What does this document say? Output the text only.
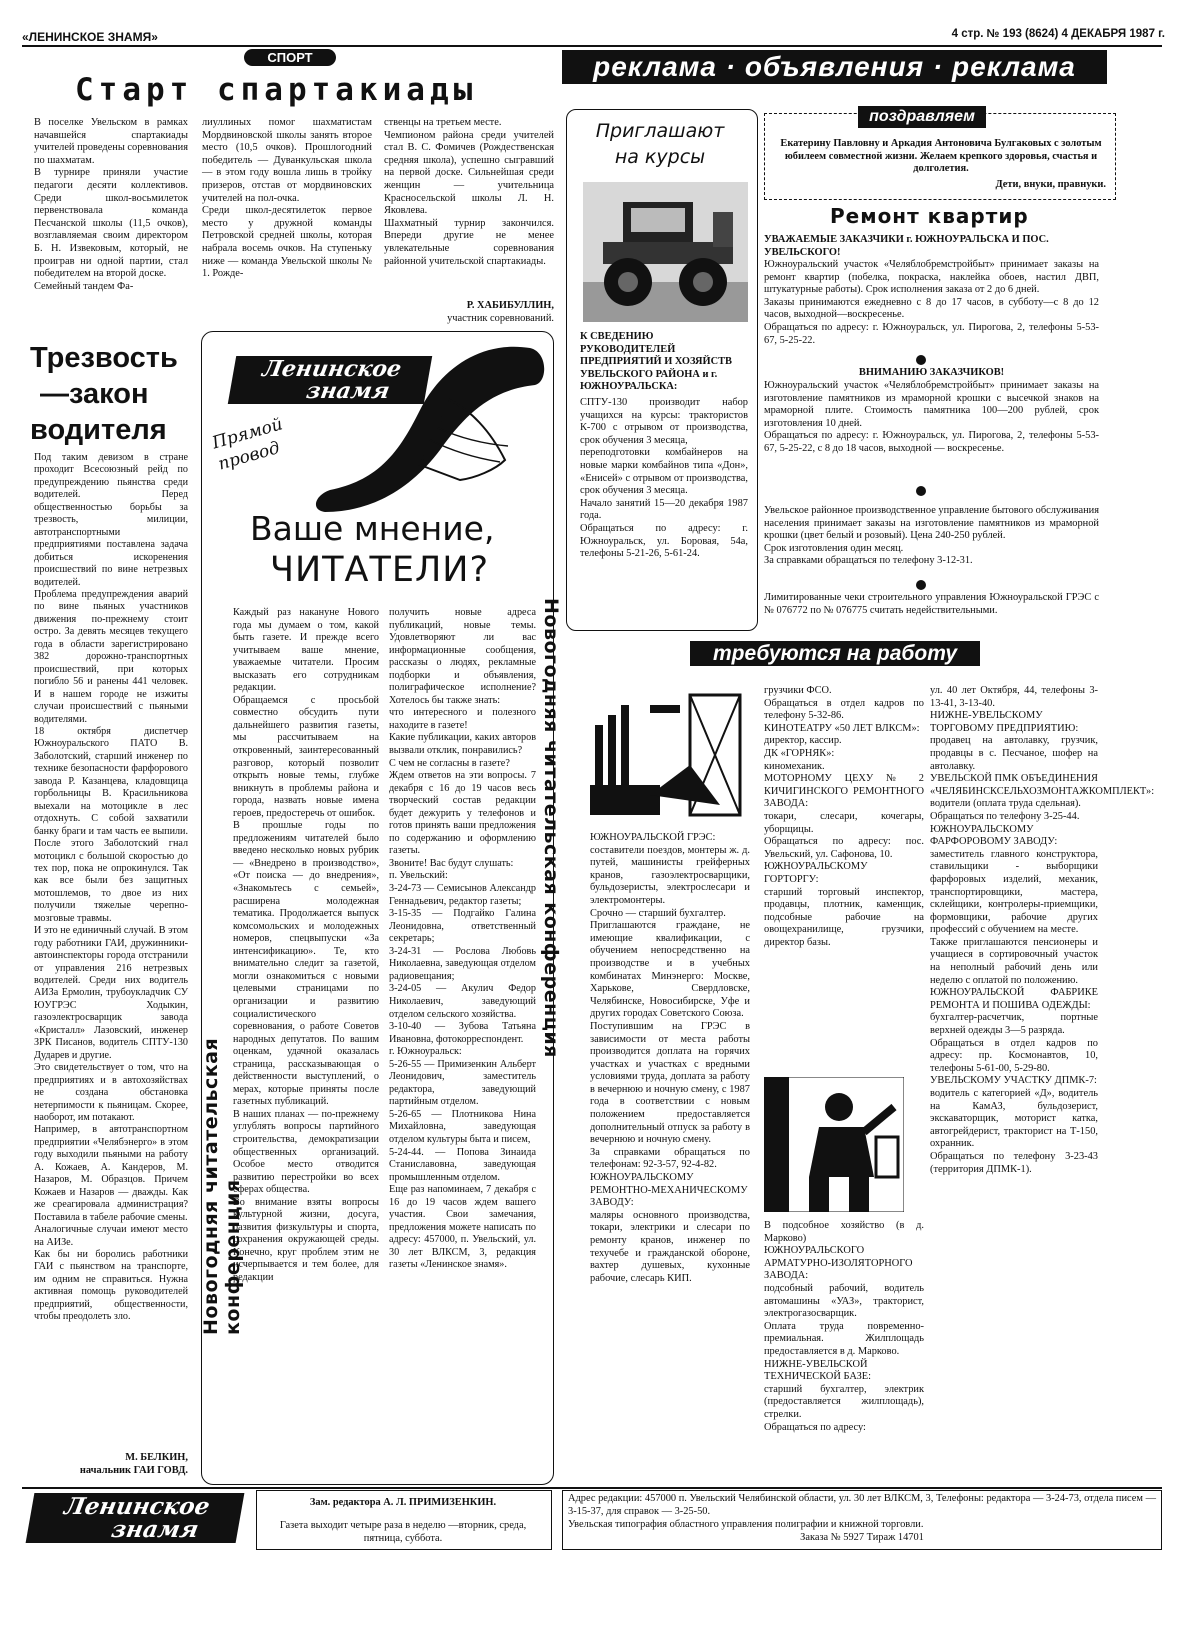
«ЛЕНИНСКОЕ ЗНАМЯ»	4 стр. № 193 (8624) 4 ДЕКАБРЯ 1987 г.
СПОРТ
Старт спартакиады

В поселке Увельском в рамках начавшейся спартакиады учителей проведены соревнования по шахматам.
В турнире приняли участие педагоги десяти коллективов. Среди школ-восьмилеток первенствовала команда Песчанской школы (11,5 очков), возглавляемая своим директором Б. Н. Извековым, который, не проиграв ни одной партии, стал победителем на второй доске.
Семейный тандем Фа-

лиуллиных помог шахматистам Мордвиновской школы занять второе место (10,5 очков). Прошлогодний победитель — Дуванкульская школа — в этом году вошла лишь в тройку призеров, отстав от мордвиновских учителей на пол-очка.
Среди школ-десятилеток первое место у дружной команды Петровской средней школы, которая набрала восемь очков. На ступеньку ниже — команда Увельской школы № 1. Рожде-

ственцы на третьем месте.
Чемпионом района среди учителей стал В. С. Фомичев (Рождественская средняя школа), успешно сыгравший на первой доске. Сильнейшая среди женщин — учительница Красносельской школы Л. Н. Яковлева.
Шахматный турнир закончился. Впереди другие не менее увлекательные соревнования районной учительской спартакиады.

Р. ХАБИБУЛЛИН,
участник соревнований.
Трезвость
—закон
водителя

Под таким девизом в стране проходит Всесоюзный рейд по предупреждению пьянства среди водителей. Перед общественностью борьбы за трезвость, милиции, автотранспортными предприятиями поставлена задача добиться искоренения происшествий по вине нетрезвых водителей.
Проблема предупреждения аварий по вине пьяных участников движения по-прежнему стоит остро. За девять месяцев текущего года в области зарегистрировано 382 дорожно-транспортных происшествий, при которых погибло 56 и ранены 441 человек. И в нашем городе не изжиты случаи происшествий с пьяными водителями.
18 октября диспетчер Южноуральского ПАТО В. Заболотский, старший инженер по технике безопасности фарфорового завода Р. Казанцева, кладовщица горбольницы В. Красильникова выехали на мотоцикле в лес отдохнуть. С собой захватили банку браги и там часть ее выпили. После этого Заболотский гнал мотоцикл с большой скоростью до тех пор, пока не опрокинулся. Так как все были без защитных мотошлемов, то двое из них получили тяжелые черепно-мозговые травмы.
И это не единичный случай. В этом году работники ГАИ, дружинники-автоинспекторы города отстранили от управления 216 нетрезвых водителей. Среди них водитель АИЗа Ермолин, трубоукладчик СУ ЮУГРЭС Ходыкин, газоэлектросварщик завода «Кристалл» Лазовский, инженер ЗРК Писанов, водитель СПТУ-130 Дударев и другие.
Это свидетельствует о том, что на предприятиях и в автохозяйствах не создана обстановка нетерпимости к пьяницам. Скорее, наоборот, им потакают.
Например, в автотранспортном предприятии «Челябэнерго» в этом году выходили пьяными на работу А. Кожаев, А. Кандеров, М. Назаров, М. Образцов. Причем Кожаев и Назаров — дважды. Как же среагировала администрация? Поставила в табеле рабочие смены.
Аналогичные случаи имеют место на АИЗе.
Как бы ни боролись работники ГАИ с пьянством на транспорте, им одним не справиться. Нужна активная помощь руководителей предприятий, общественности, чтобы преодолеть зло.

М. БЕЛКИН,
начальник ГАИ ГОВД.
Ленинское
знамя
Прямой провод
Ваше мнение,
ЧИТАТЕЛИ?
Новогодняя читательская конференция
Новогодняя читательская конференция

Каждый раз накануне Нового года мы думаем о том, какой быть газете. И прежде всего учитываем ваше мнение, уважаемые читатели. Просим высказать его сотрудникам редакции.
Обращаемся с просьбой совместно обсудить пути дальнейшего развития газеты, мы рассчитываем на откровенный, заинтересованный разговор, который позволит открыть новые темы, глубже вникнуть в проблемы района и города, назвать новые имена героев, предостеречь от ошибок.
В прошлые годы по предложениям читателей было введено несколько новых рубрик — «Внедрено в производство», «От поиска — до внедрения», «Знакомьтесь с семьей», расширена молодежная тематика. Продолжается выпуск комсомольских и молодежных номеров, спецвыпуски «За интенсификацию». Те, кто внимательно следит за газетой, могли ознакомиться с новыми целевыми страницами по организации и развитию социалистического соревнования, о работе Советов народных депутатов. По вашим оценкам, удачной оказалась страница, рассказывающая о действенности выступлений, о мерах, которые приняты после газетных публикаций.
В наших планах — по-прежнему углублять вопросы партийного строительства, демократизации общественных организаций. Особое место отводится развитию перестройки во всех сферах общества.
Во внимание взяты вопросы культурной жизни, досуга, развития физкультуры и спорта, сохранения окружающей среды. Конечно, круг проблем этим не исчерпывается и тем более, для редакции

получить новые адреса публикаций, новые темы. Удовлетворяют ли вас информационные сообщения, рассказы о людях, рекламные подборки и объявления, полиграфическое исполнение? Хотелось бы также знать:
что интересного и полезного находите в газете!
Какие публикации, каких авторов вызвали отклик, понравились?
С чем не согласны в газете?
Ждем ответов на эти вопросы. 7 декабря с 16 до 19 часов весь творческий состав редакции будет дежурить у телефонов и готов принять ваши предложения по содержанию и оформлению газеты.
Звоните! Вас будут слушать:
п. Увельский:
3-24-73 — Семисынов Александр Геннадьевич, редактор газеты;
3-15-35 — Подгайко Галина Леонидовна, ответственный секретарь;
3-24-31 — Рослова Любовь Николаевна, заведующая отделом радиовещания;
3-24-05 — Акулич Федор Николаевич, заведующий отделом сельского хозяйства.
3-10-40 — Зубова Татьяна Ивановна, фотокорреспондент.
г. Южноуральск:
5-26-55 — Примизенкин Альберт Леонидович, заместитель редактора, заведующий партийным отделом.
5-26-65 — Плотникова Нина Михайловна, заведующая отделом культуры быта и писем,
5-24-44. — Попова Зинаида Станиславовна, заведующая промышленным отделом.
Еще раз напоминаем, 7 декабря с 16 до 19 часов ждем вашего участия. Свои замечания, предложения можете написать по адресу: 457000, п. Увельский, ул. 30 лет ВЛКСМ, 3, редакция газеты «Ленинское знамя».

реклама · объявления · реклама
Приглашают
на курсы

К СВЕДЕНИЮ РУКОВОДИТЕЛЕЙ ПРЕДПРИЯТИЙ И ХОЗЯЙСТВ УВЕЛЬСКОГО РАЙОНА и г. ЮЖНОУРАЛЬСКА:

СПТУ-130 производит набор учащихся на курсы: трактористов К-700 с отрывом от производства, срок обучения 3 месяца,
переподготовки комбайнеров на новые марки комбайнов типа «Дон», «Енисей» с отрывом от производства, срок обучения 3 месяца.
Начало занятий 15—20 декабря 1987 года.
Обращаться по адресу: г. Южноуральск, ул. Боровая, 54а, телефоны 5-21-26, 5-61-24.

поздравляем

Екатерину Павловну и Аркадия Антоновича Булгаковых с золотым юбилеем совместной жизни. Желаем крепкого здоровья, счастья и долголетия.

Дети, внуки, правнуки.
Ремонт квартир

УВАЖАЕМЫЕ ЗАКАЗЧИКИ г. ЮЖНОУРАЛЬСКА И ПОС. УВЕЛЬСКОГО!

Южноуральский участок «Челяблобремстройбыт» принимает заказы на ремонт квартир (побелка, покраска, наклейка обоев, настил ДВП, штукатурные работы). Срок исполнения заказа от 2 до 6 дней.
Заказы принимаются ежедневно с 8 до 17 часов, в субботу—с 8 до 12 часов, выходной—воскресенье.
Обращаться по адресу: г. Южноуральск, ул. Пирогова, 2, телефоны 5-53-67, 5-25-22.

ВНИМАНИЮ ЗАКАЗЧИКОВ!

Южноуральский участок «Челяблобремстройбыт» принимает заказы на изготовление памятников из мраморной крошки с высечкой знаков на мраморной плите. Стоимость памятника 100—200 рублей, срок изготовления 10 дней.
Обращаться по адресу: г. Южноуральск, ул. Пирогова, 2, телефоны 5-53-67, 5-25-22, с 8 до 18 часов, выходной — воскресенье.

Увельское районное производственное управление бытового обслуживания населения принимает заказы на изготовление памятников из мраморной крошки (цвет белый и розовый). Цена 240-250 рублей.
Срок изготовления один месяц.
За справками обращаться по телефону 3-12-31.

Лимитированные чеки строительного управления Южноуральской ГРЭС с № 076772 по № 076775 считать недействительными.

требуются на работу

ЮЖНОУРАЛЬСКОЙ ГРЭС:
составители поездов, монтеры ж. д. путей, машинисты грейферных кранов, газоэлектросварщики, бульдозеристы, электрослесари и электромонтеры.
Срочно — старший бухгалтер.
Приглашаются граждане, не имеющие квалификации, с обучением непосредственно на производстве и в учебных комбинатах Минэнерго: Москве, Харькове, Свердловске, Челябинске, Новосибирске, Уфе и других городах Советского Союза.
Поступившим на ГРЭС в зависимости от места работы производится доплата на горячих участках и участках с вредными условиями труда, доплата за работу в вечернюю и ночную смену, с 1987 года в соответствии с новым положением предоставляется дополнительный отпуск за работу в вечернюю и ночную смену.
За справками обращаться по телефонам: 92-3-57, 92-4-82.
ЮЖНОУРАЛЬСКОМУ РЕМОНТНО-МЕХАНИЧЕСКОМУ ЗАВОДУ:
маляры основного производства, токари, электрики и слесари по ремонту кранов, инженер по техучебе и гражданской обороне, вахтер душевых, кухонные рабочие, слесарь КИП.

грузчики ФСО.
Обращаться в отдел кадров по телефону 5-32-86.
КИНОТЕАТРУ «50 ЛЕТ ВЛКСМ»:
директор, кассир.
ДК «ГОРНЯК»:
киномеханик.
МОТОРНОМУ ЦЕХУ № 2 КИЧИГИНСКОГО РЕМОНТНОГО ЗАВОДА:
токари, слесари, кочегары, уборщицы.
Обращаться по адресу: пос. Увельский, ул. Сафонова, 10.
ЮЖНОУРАЛЬСКОМУ ГОРТОРГУ:
старший торговый инспектор, продавцы, плотник, каменщик, подсобные рабочие на овощехранилище, грузчики, директор базы.

В подсобное хозяйство (в д. Марково)
ЮЖНОУРАЛЬСКОГО АРМАТУРНО-ИЗОЛЯТОРНОГО ЗАВОДА:
подсобный рабочий, водитель автомашины «УАЗ», тракторист, электрогазосварщик.
Оплата труда повременно-премиальная. Жилплощадь предоставляется в д. Марково.
НИЖНЕ-УВЕЛЬСКОЙ ТЕХНИЧЕСКОЙ БАЗЕ:
старший бухгалтер, электрик (предоставляется жилплощадь), стрелки.
Обращаться по адресу:

ул. 40 лет Октября, 44, телефоны 3-13-41, 3-13-40.
НИЖНЕ-УВЕЛЬСКОМУ ТОРГОВОМУ ПРЕДПРИЯТИЮ:
продавец на автолавку, грузчик, продавцы в с. Песчаное, шофер на автолавку.
УВЕЛЬСКОЙ ПМК ОБЪЕДИНЕНИЯ «ЧЕЛЯБИНСКСЕЛЬХОЗМОНТАЖКОМПЛЕКТ»:
водители (оплата труда сдельная).
Обращаться по телефону 3-25-44.
ЮЖНОУРАЛЬСКОМУ ФАРФОРОВОМУ ЗАВОДУ:
заместитель главного конструктора, ставильщики - выборщики фарфоровых изделий, механик, транспортировщики, мастера, склейщики, контролеры-приемщики, формовщики, рабочие других профессий с обучением на месте.
Также приглашаются пенсионеры и учащиеся в сортировочный участок на неполный рабочий день или неделю с оплатой по положению.
ЮЖНОУРАЛЬСКОЙ ФАБРИКЕ РЕМОНТА И ПОШИВА ОДЕЖДЫ:
бухгалтер-расчетчик, портные верхней одежды 3—5 разряда.
Обращаться в отдел кадров по адресу: пр. Космонавтов, 10, телефоны 5-61-00, 5-29-80.
УВЕЛЬСКОМУ УЧАСТКУ ДПМК-7:
водитель с категорией «Д», водитель на КамАЗ, бульдозерист, экскаваторщик, моторист катка, автогрейдерист, тракторист на Т-150, охранник.
Обращаться по телефону 3-23-43 (территория ДПМК-1).

Ленинское
знамя
Зам. редактора А. Л. ПРИМИЗЕНКИН.

Газета выходит четыре раза в неделю —вторник, среда, пятница, суббота.

Адрес редакции: 457000 п. Увельский Челябинской области, ул. 30 лет ВЛКСМ, 3, Телефоны: редактора — 3-24-73, отдела писем — 3-15-37, для справок — 3-25-50.

Увельская типография областного управления полиграфии и книжной торговли.
Заказа № 5927 Тираж 14701
